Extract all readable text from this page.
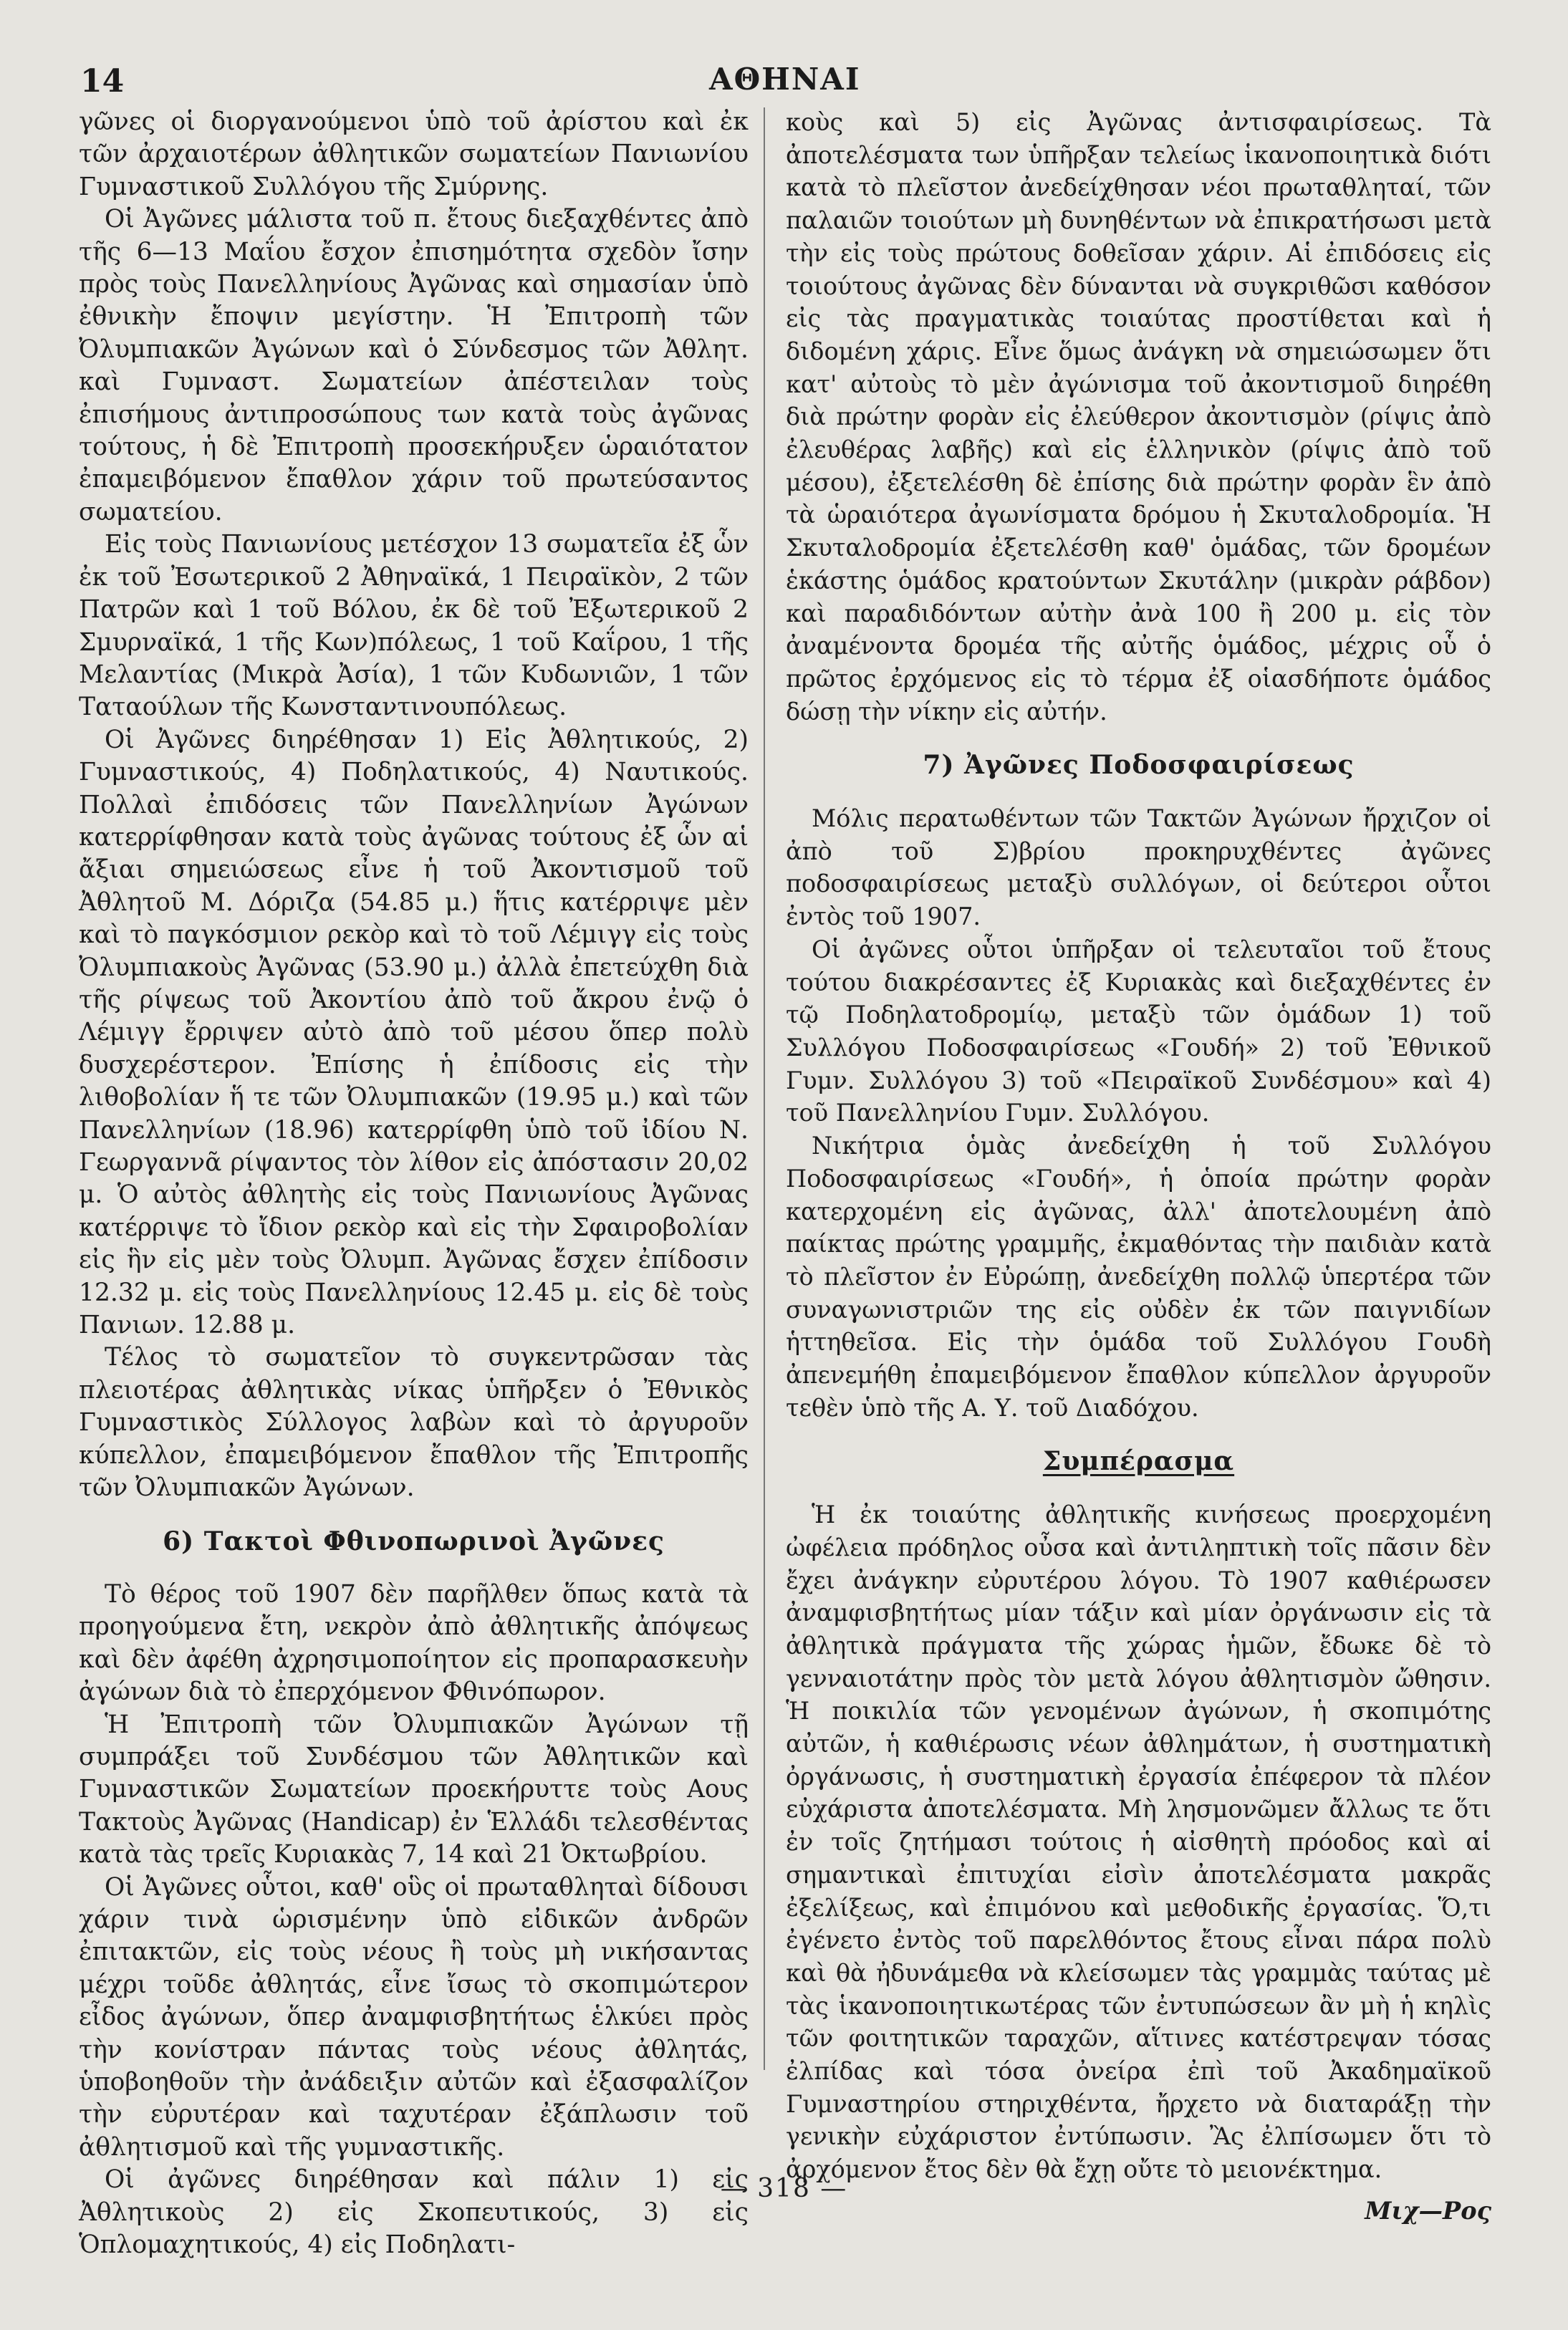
14	ΑΘΗΝΑΙ

γῶνες οἱ διοργανούμενοι ὑπὸ τοῦ ἀρίστου καὶ ἐκ τῶν ἀρχαιοτέρων ἀθλητικῶν σωματείων Πανιωνίου Γυμναστικοῦ Συλλόγου τῆς Σμύρνης.

Οἱ Ἀγῶνες μάλιστα τοῦ π. ἔτους διεξαχθέντες ἀπὸ τῆς 6—13 Μαΐου ἔσχον ἐπισημότητα σχεδὸν ἴσην πρὸς τοὺς Πανελληνίους Ἀγῶνας καὶ σημασίαν ὑπὸ ἐθνικὴν ἔποψιν μεγίστην. Ἡ Ἐπιτροπὴ τῶν Ὀλυμπιακῶν Ἀγώνων καὶ ὁ Σύνδεσμος τῶν Ἀθλητ. καὶ Γυμναστ. Σωματείων ἀπέστειλαν τοὺς ἐπισήμους ἀντιπροσώπους των κατὰ τοὺς ἀγῶνας τούτους, ἡ δὲ Ἐπιτροπὴ προσεκήρυξεν ὡραιότατον ἐπαμειβόμενον ἔπαθλον χάριν τοῦ πρωτεύσαντος σωματείου.

Εἰς τοὺς Πανιωνίους μετέσχον 13 σωματεῖα ἐξ ὧν ἐκ τοῦ Ἐσωτερικοῦ 2 Ἀθηναϊκά, 1 Πειραϊκὸν, 2 τῶν Πατρῶν καὶ 1 τοῦ Βόλου, ἐκ δὲ τοῦ Ἐξωτερικοῦ 2 Σμυρναϊκά, 1 τῆς Κων)πόλεως, 1 τοῦ Καΐρου, 1 τῆς Μελαντίας (Μικρὰ Ἀσία), 1 τῶν Κυδωνιῶν, 1 τῶν Ταταούλων τῆς Κωνσταντινουπόλεως.

Οἱ Ἀγῶνες διηρέθησαν 1) Εἰς Ἀθλητικούς, 2) Γυμναστικούς, 4) Ποδηλατικούς, 4) Ναυτικούς. Πολλαὶ ἐπιδόσεις τῶν Πανελληνίων Ἀγώνων κατερρίφθησαν κατὰ τοὺς ἀγῶνας τούτους ἐξ ὧν αἱ ἄξιαι σημειώσεως εἶνε ἡ τοῦ Ἀκοντισμοῦ τοῦ Ἀθλητοῦ Μ. Δόριζα (54.85 μ.) ἥτις κατέρριψε μὲν καὶ τὸ παγκόσμιον ρεκὸρ καὶ τὸ τοῦ Λέμιγγ εἰς τοὺς Ὀλυμπιακοὺς Ἀγῶνας (53.90 μ.) ἀλλὰ ἐπετεύχθη διὰ τῆς ρίψεως τοῦ Ἀκοντίου ἀπὸ τοῦ ἄκρου ἐνῷ ὁ Λέμιγγ ἔρριψεν αὐτὸ ἀπὸ τοῦ μέσου ὅπερ πολὺ δυσχερέστερον. Ἐπίσης ἡ ἐπίδοσις εἰς τὴν λιθοβολίαν ἥ τε τῶν Ὀλυμπιακῶν (19.95 μ.) καὶ τῶν Πανελληνίων (18.96) κατερρίφθη ὑπὸ τοῦ ἰδίου Ν. Γεωργαννᾶ ρίψαντος τὸν λίθον εἰς ἀπόστασιν 20,02 μ. Ὁ αὐτὸς ἀθλητὴς εἰς τοὺς Πανιωνίους Ἀγῶνας κατέρριψε τὸ ἴδιον ρεκὸρ καὶ εἰς τὴν Σφαιροβολίαν εἰς ἣν εἰς μὲν τοὺς Ὀλυμπ. Ἀγῶνας ἔσχεν ἐπίδοσιν 12.32 μ. εἰς τοὺς Πανελληνίους 12.45 μ. εἰς δὲ τοὺς Πανιων. 12.88 μ.

Τέλος τὸ σωματεῖον τὸ συγκεντρῶσαν τὰς πλειοτέρας ἀθλητικὰς νίκας ὑπῆρξεν ὁ Ἐθνικὸς Γυμναστικὸς Σύλλογος λαβὼν καὶ τὸ ἀργυροῦν κύπελλον, ἐπαμειβόμενον ἔπαθλον τῆς Ἐπιτροπῆς τῶν Ὀλυμπιακῶν Ἀγώνων.

6) Τακτοὶ Φθινοπωρινοὶ Ἀγῶνες

Τὸ θέρος τοῦ 1907 δὲν παρῆλθεν ὅπως κατὰ τὰ προηγούμενα ἔτη, νεκρὸν ἀπὸ ἀθλητικῆς ἀπόψεως καὶ δὲν ἀφέθη ἀχρησιμοποίητον εἰς προπαρασκευὴν ἀγώνων διὰ τὸ ἐπερχόμενον Φθινόπωρον.

Ἡ Ἐπιτροπὴ τῶν Ὀλυμπιακῶν Ἀγώνων τῇ συμπράξει τοῦ Συνδέσμου τῶν Ἀθλητικῶν καὶ Γυμναστικῶν Σωματείων προεκήρυττε τοὺς Αους Τακτοὺς Ἀγῶνας (Handicap) ἐν Ἑλλάδι τελεσθέντας κατὰ τὰς τρεῖς Κυριακὰς 7, 14 καὶ 21 Ὀκτωβρίου.

Οἱ Ἀγῶνες οὗτοι, καθ' οὓς οἱ πρωταθληταὶ δίδουσι χάριν τινὰ ὡρισμένην ὑπὸ εἰδικῶν ἀνδρῶν ἐπιτακτῶν, εἰς τοὺς νέους ἢ τοὺς μὴ νικήσαντας μέχρι τοῦδε ἀθλητάς, εἶνε ἴσως τὸ σκοπιμώτερον εἶδος ἀγώνων, ὅπερ ἀναμφισβητήτως ἑλκύει πρὸς τὴν κονίστραν πάντας τοὺς νέους ἀθλητάς, ὑποβοηθοῦν τὴν ἀνάδειξιν αὐτῶν καὶ ἐξασφαλίζον τὴν εὐρυτέραν καὶ ταχυτέραν ἐξάπλωσιν τοῦ ἀθλητισμοῦ καὶ τῆς γυμναστικῆς.

Οἱ ἀγῶνες διηρέθησαν καὶ πάλιν 1) εἰς Ἀθλητικοὺς 2) εἰς Σκοπευτικούς, 3) εἰς Ὁπλομαχητικούς, 4) εἰς Ποδηλατι-

κοὺς καὶ 5) εἰς Ἀγῶνας ἀντισφαιρίσεως. Τὰ ἀποτελέσματα των ὑπῆρξαν τελείως ἱκανοποιητικὰ διότι κατὰ τὸ πλεῖστον ἀνεδείχθησαν νέοι πρωταθληταί, τῶν παλαιῶν τοιούτων μὴ δυνηθέντων νὰ ἐπικρατήσωσι μετὰ τὴν εἰς τοὺς πρώτους δοθεῖσαν χάριν. Αἱ ἐπιδόσεις εἰς τοιούτους ἀγῶνας δὲν δύνανται νὰ συγκριθῶσι καθόσον εἰς τὰς πραγματικὰς τοιαύτας προστίθεται καὶ ἡ διδομένη χάρις. Εἶνε ὅμως ἀνάγκη νὰ σημειώσωμεν ὅτι κατ' αὐτοὺς τὸ μὲν ἀγώνισμα τοῦ ἀκοντισμοῦ διηρέθη διὰ πρώτην φορὰν εἰς ἐλεύθερον ἀκοντισμὸν (ρίψις ἀπὸ ἐλευθέρας λαβῆς) καὶ εἰς ἑλληνικὸν (ρίψις ἀπὸ τοῦ μέσου), ἐξετελέσθη δὲ ἐπίσης διὰ πρώτην φορὰν ἓν ἀπὸ τὰ ὡραιότερα ἀγωνίσματα δρόμου ἡ Σκυταλοδρομία. Ἡ Σκυταλοδρομία ἐξετελέσθη καθ' ὁμάδας, τῶν δρομέων ἑκάστης ὁμάδος κρατούντων Σκυτάλην (μικρὰν ράβδον) καὶ παραδιδόντων αὐτὴν ἀνὰ 100 ἢ 200 μ. εἰς τὸν ἀναμένοντα δρομέα τῆς αὐτῆς ὁμάδος, μέχρις οὗ ὁ πρῶτος ἐρχόμενος εἰς τὸ τέρμα ἐξ οἱασδήποτε ὁμάδος δώσῃ τὴν νίκην εἰς αὐτήν.

7) Ἀγῶνες Ποδοσφαιρίσεως

Μόλις περατωθέντων τῶν Τακτῶν Ἀγώνων ἤρχιζον οἱ ἀπὸ τοῦ Σ)βρίου προκηρυχθέντες ἀγῶνες ποδοσφαιρίσεως μεταξὺ συλλόγων, οἱ δεύτεροι οὗτοι ἐντὸς τοῦ 1907.

Οἱ ἀγῶνες οὗτοι ὑπῆρξαν οἱ τελευταῖοι τοῦ ἔτους τούτου διακρέσαντες ἐξ Κυριακὰς καὶ διεξαχθέντες ἐν τῷ Ποδηλατοδρομίῳ, μεταξὺ τῶν ὁμάδων 1) τοῦ Συλλόγου Ποδοσφαιρίσεως «Γουδή» 2) τοῦ Ἐθνικοῦ Γυμν. Συλλόγου 3) τοῦ «Πειραϊκοῦ Συνδέσμου» καὶ 4) τοῦ Πανελληνίου Γυμν. Συλλόγου.

Νικήτρια ὁμὰς ἀνεδείχθη ἡ τοῦ Συλλόγου Ποδοσφαιρίσεως «Γουδή», ἡ ὁποία πρώτην φορὰν κατερχομένη εἰς ἀγῶνας, ἀλλ' ἀποτελουμένη ἀπὸ παίκτας πρώτης γραμμῆς, ἐκμαθόντας τὴν παιδιὰν κατὰ τὸ πλεῖστον ἐν Εὐρώπῃ, ἀνεδείχθη πολλῷ ὑπερτέρα τῶν συναγωνιστριῶν της εἰς οὐδὲν ἐκ τῶν παιγνιδίων ἡττηθεῖσα. Εἰς τὴν ὁμάδα τοῦ Συλλόγου Γουδὴ ἀπενεμήθη ἐπαμειβόμενον ἔπαθλον κύπελλον ἀργυροῦν τεθὲν ὑπὸ τῆς Α. Υ. τοῦ Διαδόχου.

Συμπέρασμα

Ἡ ἐκ τοιαύτης ἀθλητικῆς κινήσεως προερχομένη ὠφέλεια πρόδηλος οὖσα καὶ ἀντιληπτικὴ τοῖς πᾶσιν δὲν ἔχει ἀνάγκην εὐρυτέρου λόγου. Τὸ 1907 καθιέρωσεν ἀναμφισβητήτως μίαν τάξιν καὶ μίαν ὀργάνωσιν εἰς τὰ ἀθλητικὰ πράγματα τῆς χώρας ἡμῶν, ἔδωκε δὲ τὸ γενναιοτάτην πρὸς τὸν μετὰ λόγου ἀθλητισμὸν ὤθησιν. Ἡ ποικιλία τῶν γενομένων ἀγώνων, ἡ σκοπιμότης αὐτῶν, ἡ καθιέρωσις νέων ἀθλημάτων, ἡ συστηματικὴ ὀργάνωσις, ἡ συστηματικὴ ἐργασία ἐπέφερον τὰ πλέον εὐχάριστα ἀποτελέσματα. Μὴ λησμονῶμεν ἄλλως τε ὅτι ἐν τοῖς ζητήμασι τούτοις ἡ αἰσθητὴ πρόοδος καὶ αἱ σημαντικαὶ ἐπιτυχίαι εἰσὶν ἀποτελέσματα μακρᾶς ἐξελίξεως, καὶ ἐπιμόνου καὶ μεθοδικῆς ἐργασίας. Ὅ,τι ἐγένετο ἐντὸς τοῦ παρελθόντος ἔτους εἶναι πάρα πολὺ καὶ θὰ ἠδυνάμεθα νὰ κλείσωμεν τὰς γραμμὰς ταύτας μὲ τὰς ἱκανοποιητικωτέρας τῶν ἐντυπώσεων ἂν μὴ ἡ κηλὶς τῶν φοιτητικῶν ταραχῶν, αἵτινες κατέστρεψαν τόσας ἐλπίδας καὶ τόσα ὀνείρα ἐπὶ τοῦ Ἀκαδημαϊκοῦ Γυμναστηρίου στηριχθέντα, ἤρχετο νὰ διαταράξῃ τὴν γενικὴν εὐχάριστον ἐντύπωσιν. Ἂς ἐλπίσωμεν ὅτι τὸ ἀρχόμενον ἔτος δὲν θὰ ἔχῃ οὔτε τὸ μειονέκτημα.

Μιχ—Ρος
— 318 —
